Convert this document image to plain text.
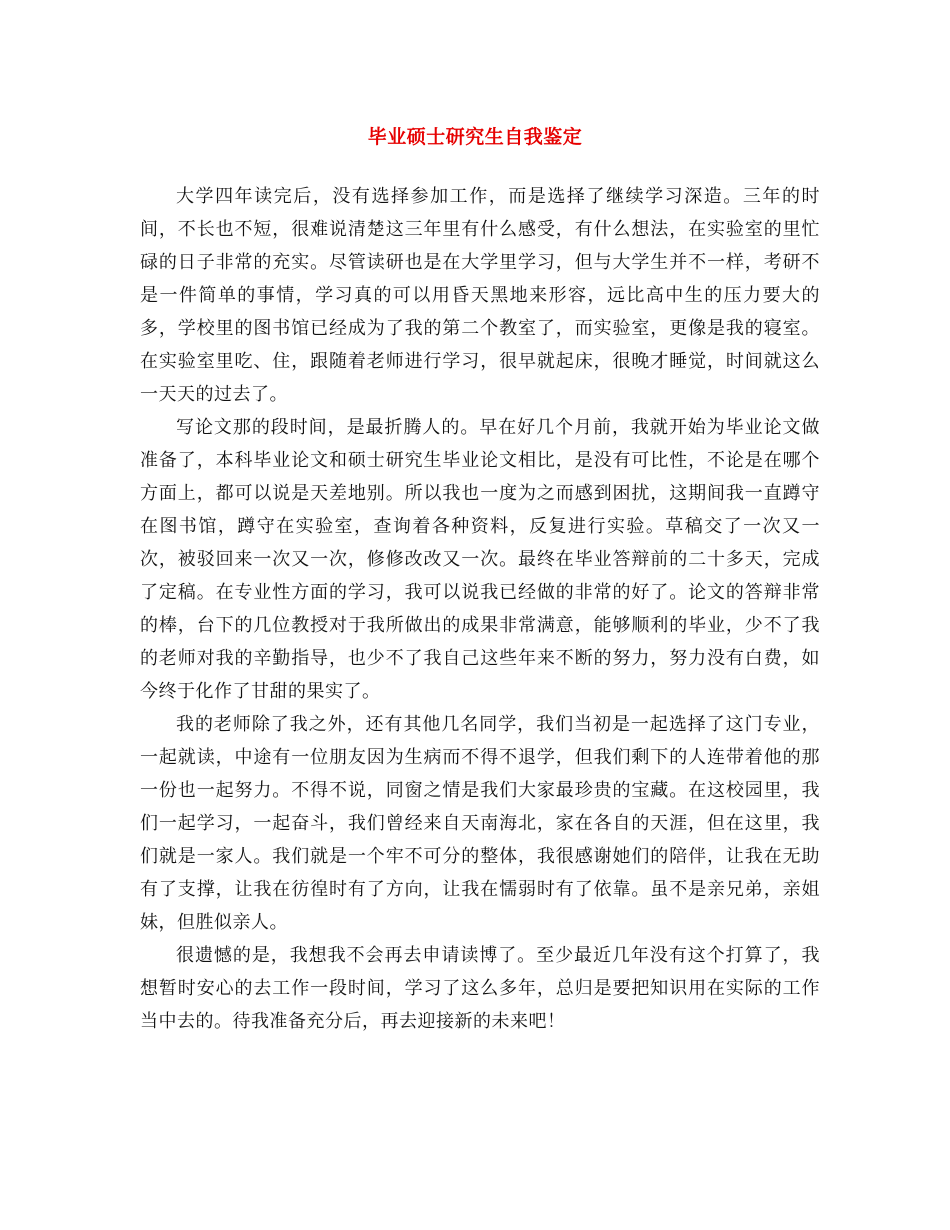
毕业硕士研究生自我鉴定

大学四年读完后，没有选择参加工作，而是选择了继续学习深造。三年的时间，不长也不短，很难说清楚这三年里有什么感受，有什么想法，在实验室的里忙碌的日子非常的充实。尽管读研也是在大学里学习，但与大学生并不一样，考研不是一件简单的事情，学习真的可以用昏天黑地来形容，远比高中生的压力要大的多，学校里的图书馆已经成为了我的第二个教室了，而实验室，更像是我的寝室。在实验室里吃、住，跟随着老师进行学习，很早就起床，很晚才睡觉，时间就这么一天天的过去了。

写论文那的段时间，是最折腾人的。早在好几个月前，我就开始为毕业论文做准备了，本科毕业论文和硕士研究生毕业论文相比，是没有可比性，不论是在哪个方面上，都可以说是天差地别。所以我也一度为之而感到困扰，这期间我一直蹲守在图书馆，蹲守在实验室，查询着各种资料，反复进行实验。草稿交了一次又一次，被驳回来一次又一次，修修改改又一次。最终在毕业答辩前的二十多天，完成了定稿。在专业性方面的学习，我可以说我已经做的非常的好了。论文的答辩非常的棒，台下的几位教授对于我所做出的成果非常满意，能够顺利的毕业，少不了我的老师对我的辛勤指导，也少不了我自己这些年来不断的努力，努力没有白费，如今终于化作了甘甜的果实了。

我的老师除了我之外，还有其他几名同学，我们当初是一起选择了这门专业，一起就读，中途有一位朋友因为生病而不得不退学，但我们剩下的人连带着他的那一份也一起努力。不得不说，同窗之情是我们大家最珍贵的宝藏。在这校园里，我们一起学习，一起奋斗，我们曾经来自天南海北，家在各自的天涯，但在这里，我们就是一家人。我们就是一个牢不可分的整体，我很感谢她们的陪伴，让我在无助有了支撑，让我在彷徨时有了方向，让我在懦弱时有了依靠。虽不是亲兄弟，亲姐妹，但胜似亲人。

很遗憾的是，我想我不会再去申请读博了。至少最近几年没有这个打算了，我想暂时安心的去工作一段时间，学习了这么多年，总归是要把知识用在实际的工作当中去的。待我准备充分后，再去迎接新的未来吧！
